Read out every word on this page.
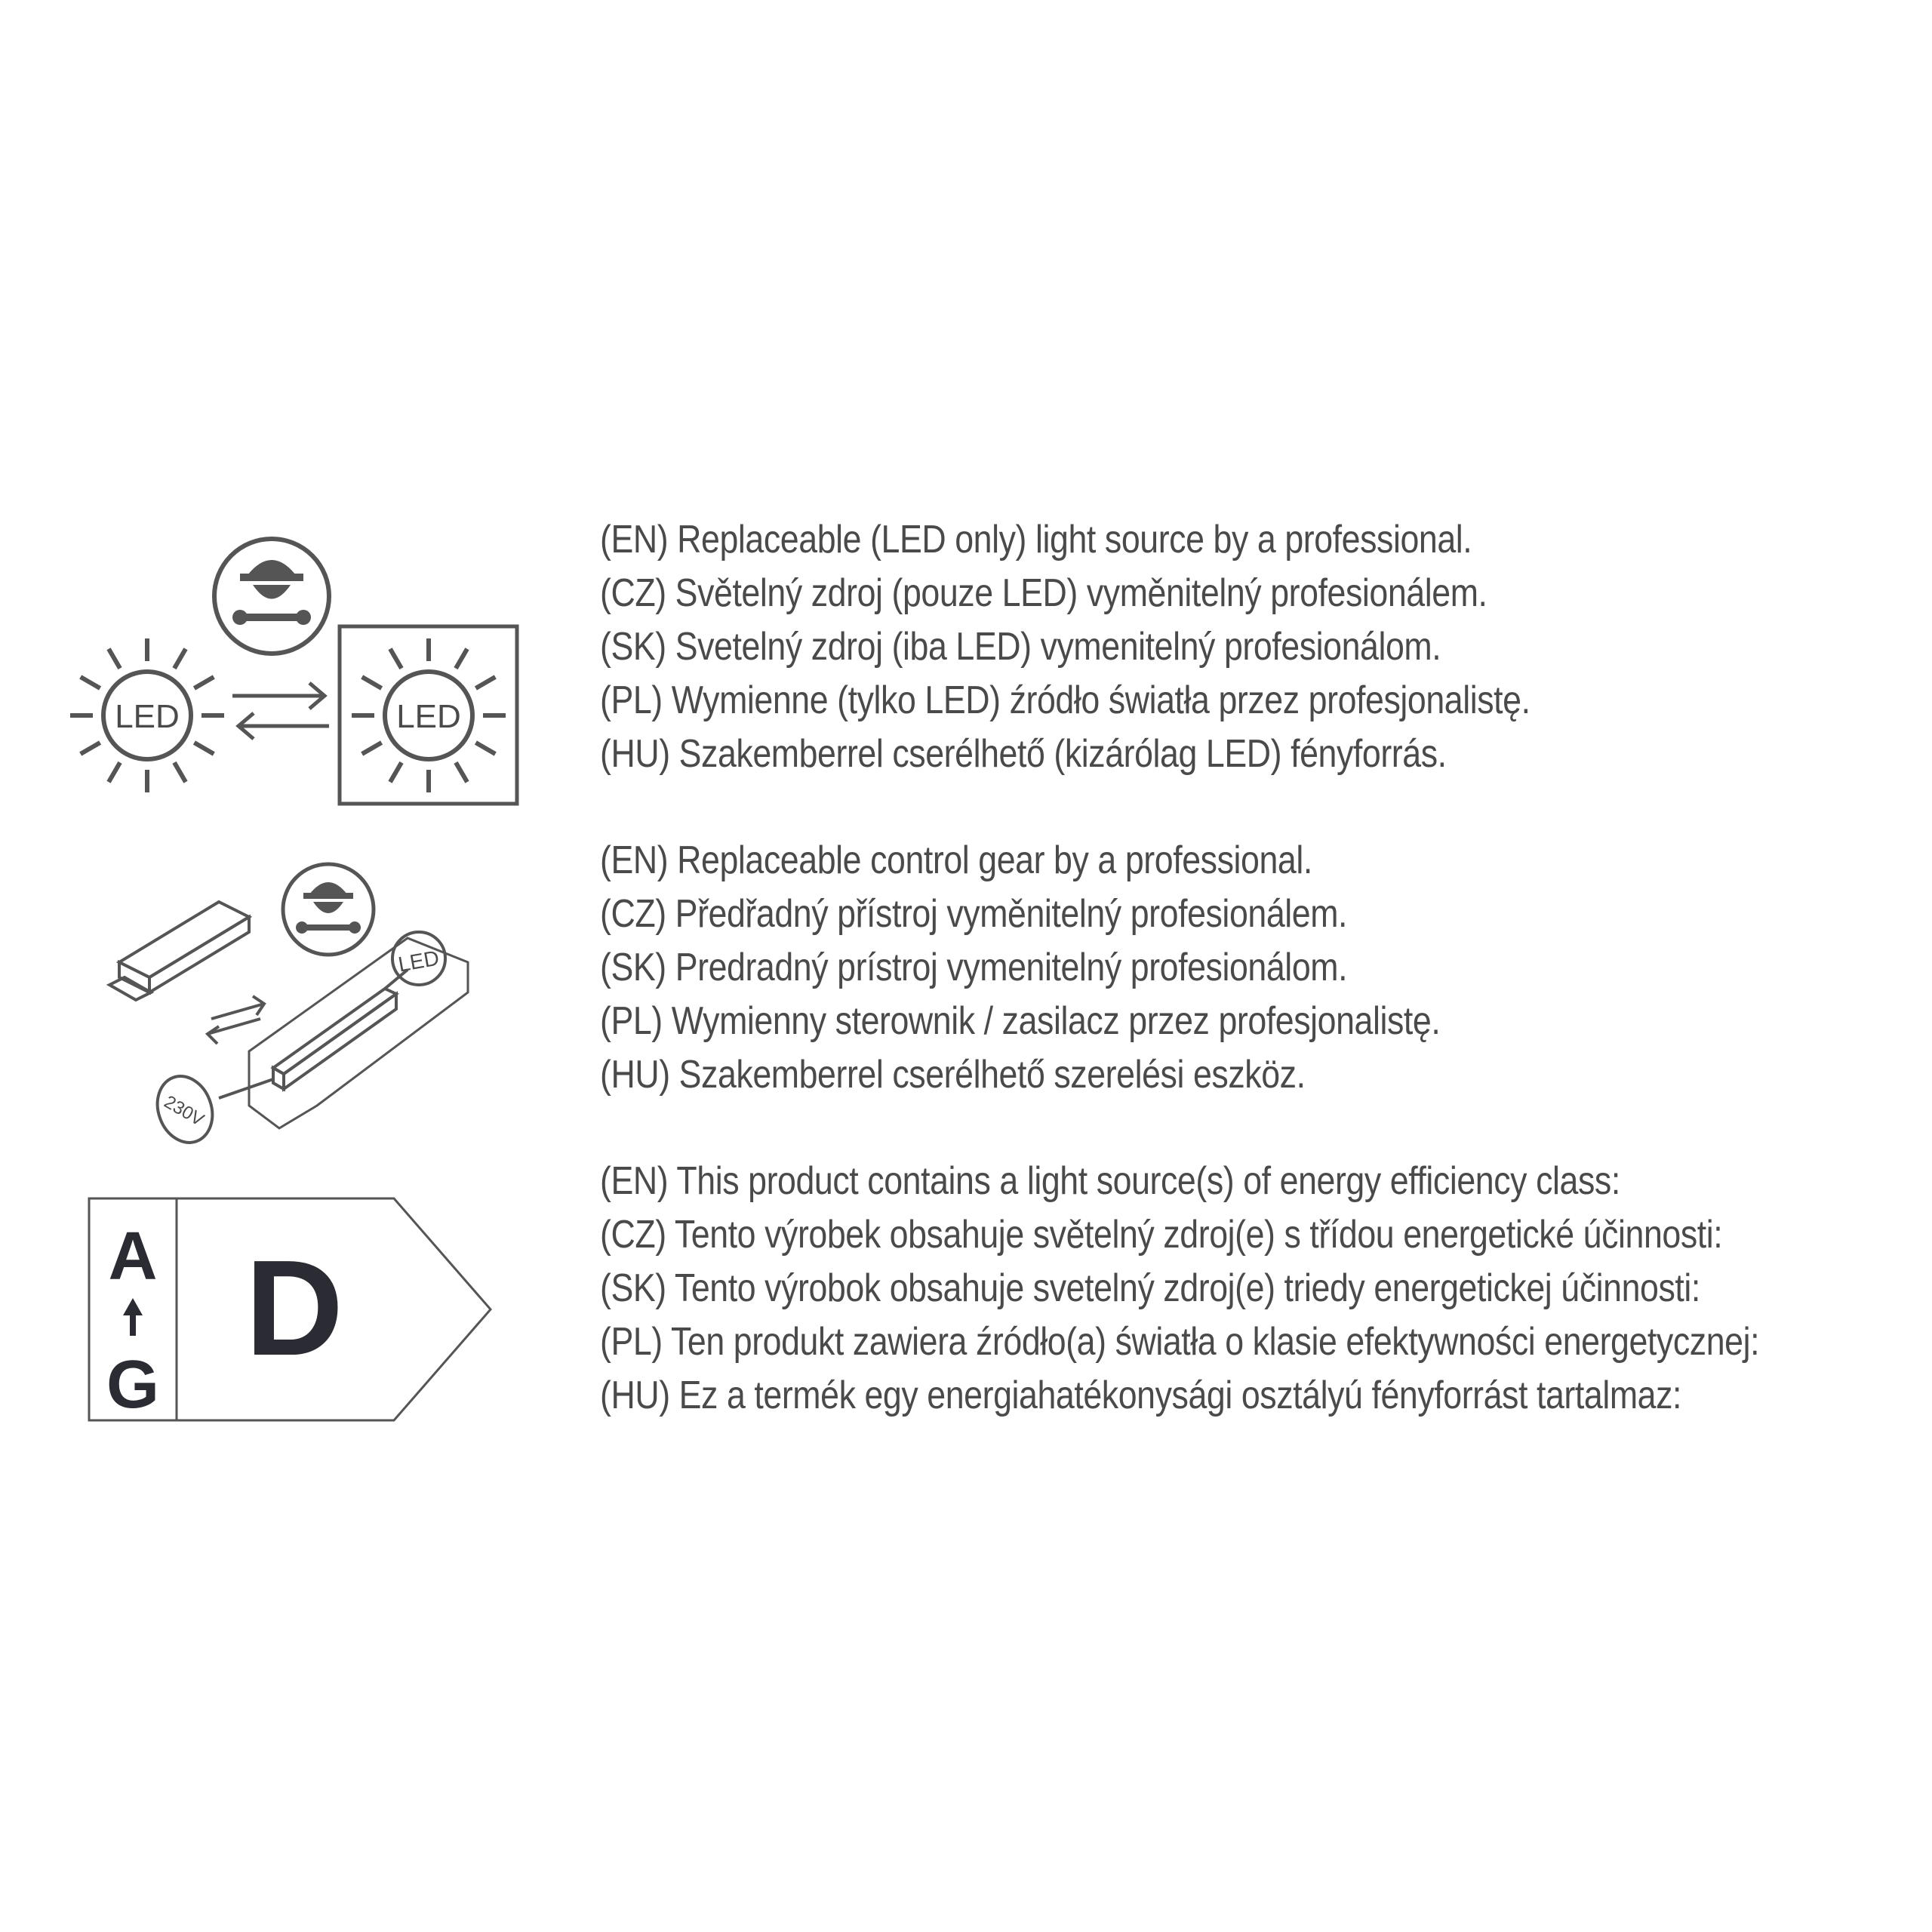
LED	LED
LED
230V
A
G
D
(EN) Replaceable (LED only) light source by a professional.
(CZ) Světelný zdroj (pouze LED) vyměnitelný profesionálem.
(SK) Svetelný zdroj (iba LED) vymenitelný profesionálom.
(PL) Wymienne (tylko LED) źródło światła przez profesjonalistę.
(HU) Szakemberrel cserélhető (kizárólag LED) fényforrás.
(EN) Replaceable control gear by a professional.
(CZ) Předřadný přístroj vyměnitelný profesionálem.
(SK) Predradný prístroj vymenitelný profesionálom.
(PL) Wymienny sterownik / zasilacz przez profesjonalistę.
(HU) Szakemberrel cserélhető szerelési eszköz.
(EN) This product contains a light source(s) of energy efficiency class:
(CZ) Tento výrobek obsahuje světelný zdroj(e) s třídou energetické účinnosti:
(SK) Tento výrobok obsahuje svetelný zdroj(e) triedy energetickej účinnosti:
(PL) Ten produkt zawiera źródło(a) światła o klasie efektywności energetycznej:
(HU) Ez a termék egy energiahatékonysági osztályú fényforrást tartalmaz:
